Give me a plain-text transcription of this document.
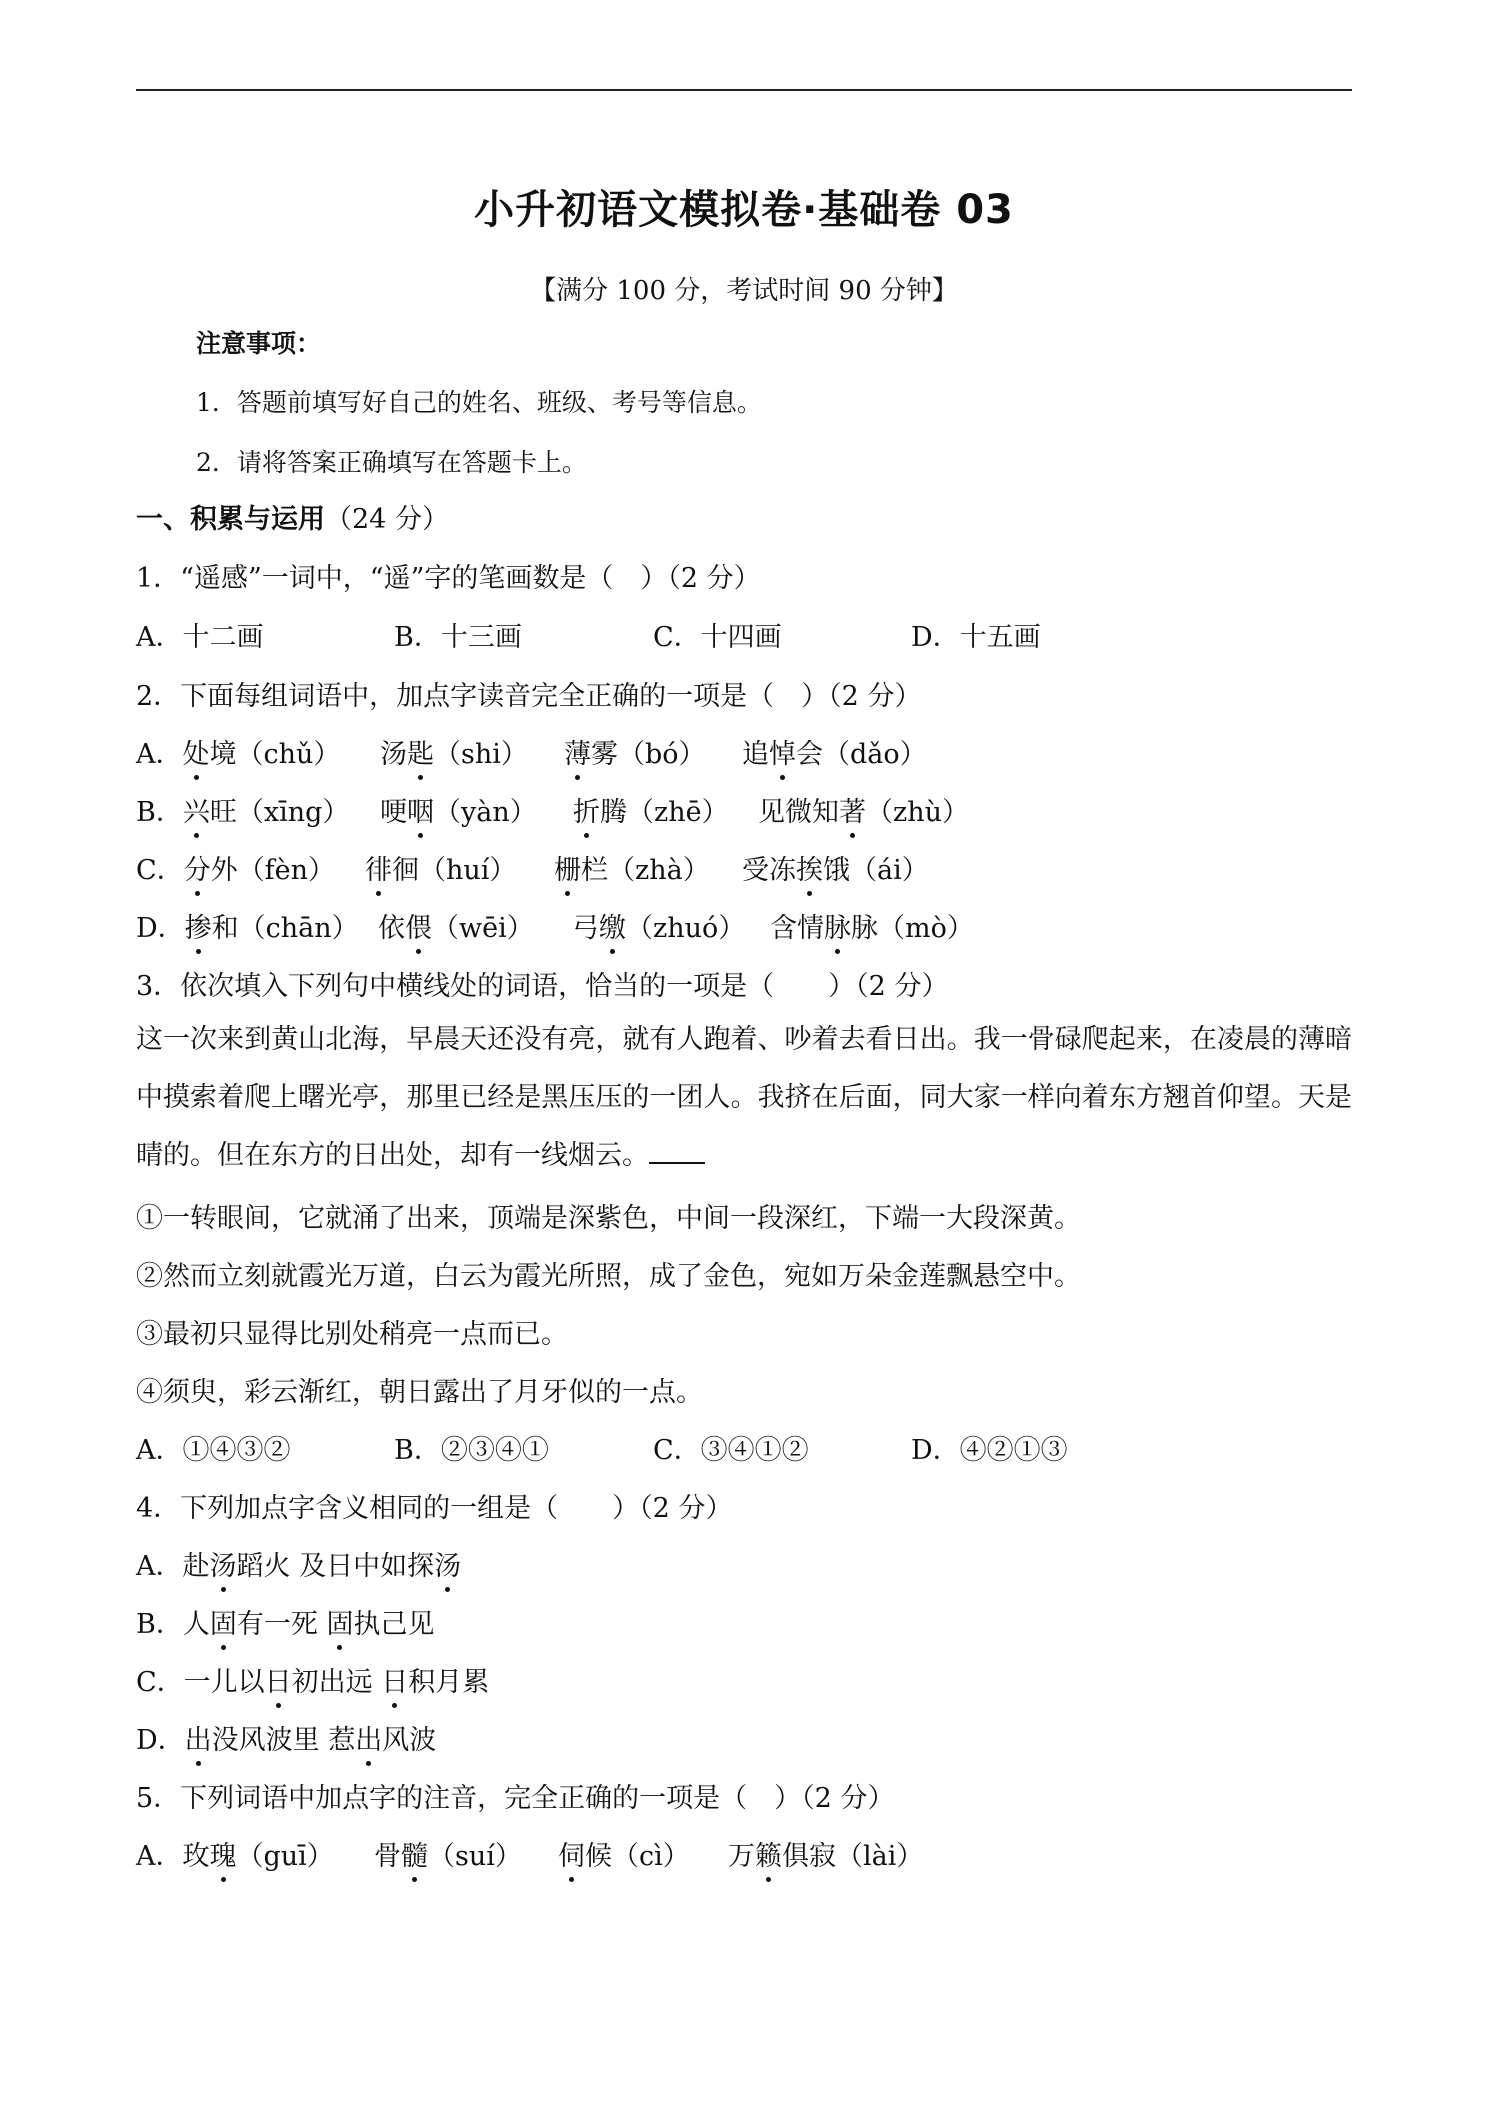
小升初语文模拟卷·基础卷 03
【满分 100 分，考试时间 90 分钟】
注意事项：
1．答题前填写好自己的姓名、班级、考号等信息。
2．请将答案正确填写在答题卡上。
一、积累与运用（24 分）
1．“遥感”一词中，“遥”字的笔画数是（　）（2 分）
A．十二画	B．十三画	C．十四画	D．十五画
2．下面每组词语中，加点字读音完全正确的一项是（　）（2 分）
A．处境（chǔ） 汤匙（shi） 薄雾（bó） 追悼会（dǎo）
B．兴旺（xīng） 哽咽（yàn） 折腾（zhē） 见微知著（zhù）
C．分外（fèn） 徘徊（huí） 栅栏（zhà） 受冻挨饿（ái）
D．掺和（chān） 依偎（wēi） 弓缴（zhuó） 含情脉脉（mò）
3．依次填入下列句中横线处的词语，恰当的一项是（　　）（2 分）
这一次来到黄山北海，早晨天还没有亮，就有人跑着、吵着去看日出。我一骨碌爬起来，在凌晨的薄暗中摸索着爬上曙光亭，那里已经是黑压压的一团人。我挤在后面，同大家一样向着东方翘首仰望。天是晴的。但在东方的日出处，却有一线烟云。
①一转眼间，它就涌了出来，顶端是深紫色，中间一段深红，下端一大段深黄。
②然而立刻就霞光万道，白云为霞光所照，成了金色，宛如万朵金莲飘悬空中。
③最初只显得比别处稍亮一点而已。
④须臾，彩云渐红，朝日露出了月牙似的一点。
A．①④③②	B．②③④①	C．③④①②	D．④②①③
4．下列加点字含义相同的一组是（　　）（2 分）
A．赴汤蹈火 及日中如探汤
B．人固有一死 固执己见
C．一儿以日初出远 日积月累
D．出没风波里 惹出风波
5．下列词语中加点字的注音，完全正确的一项是（　）（2 分）
A．玫瑰（guī） 骨髓（suí） 伺候（cì） 万籁俱寂（lài）
